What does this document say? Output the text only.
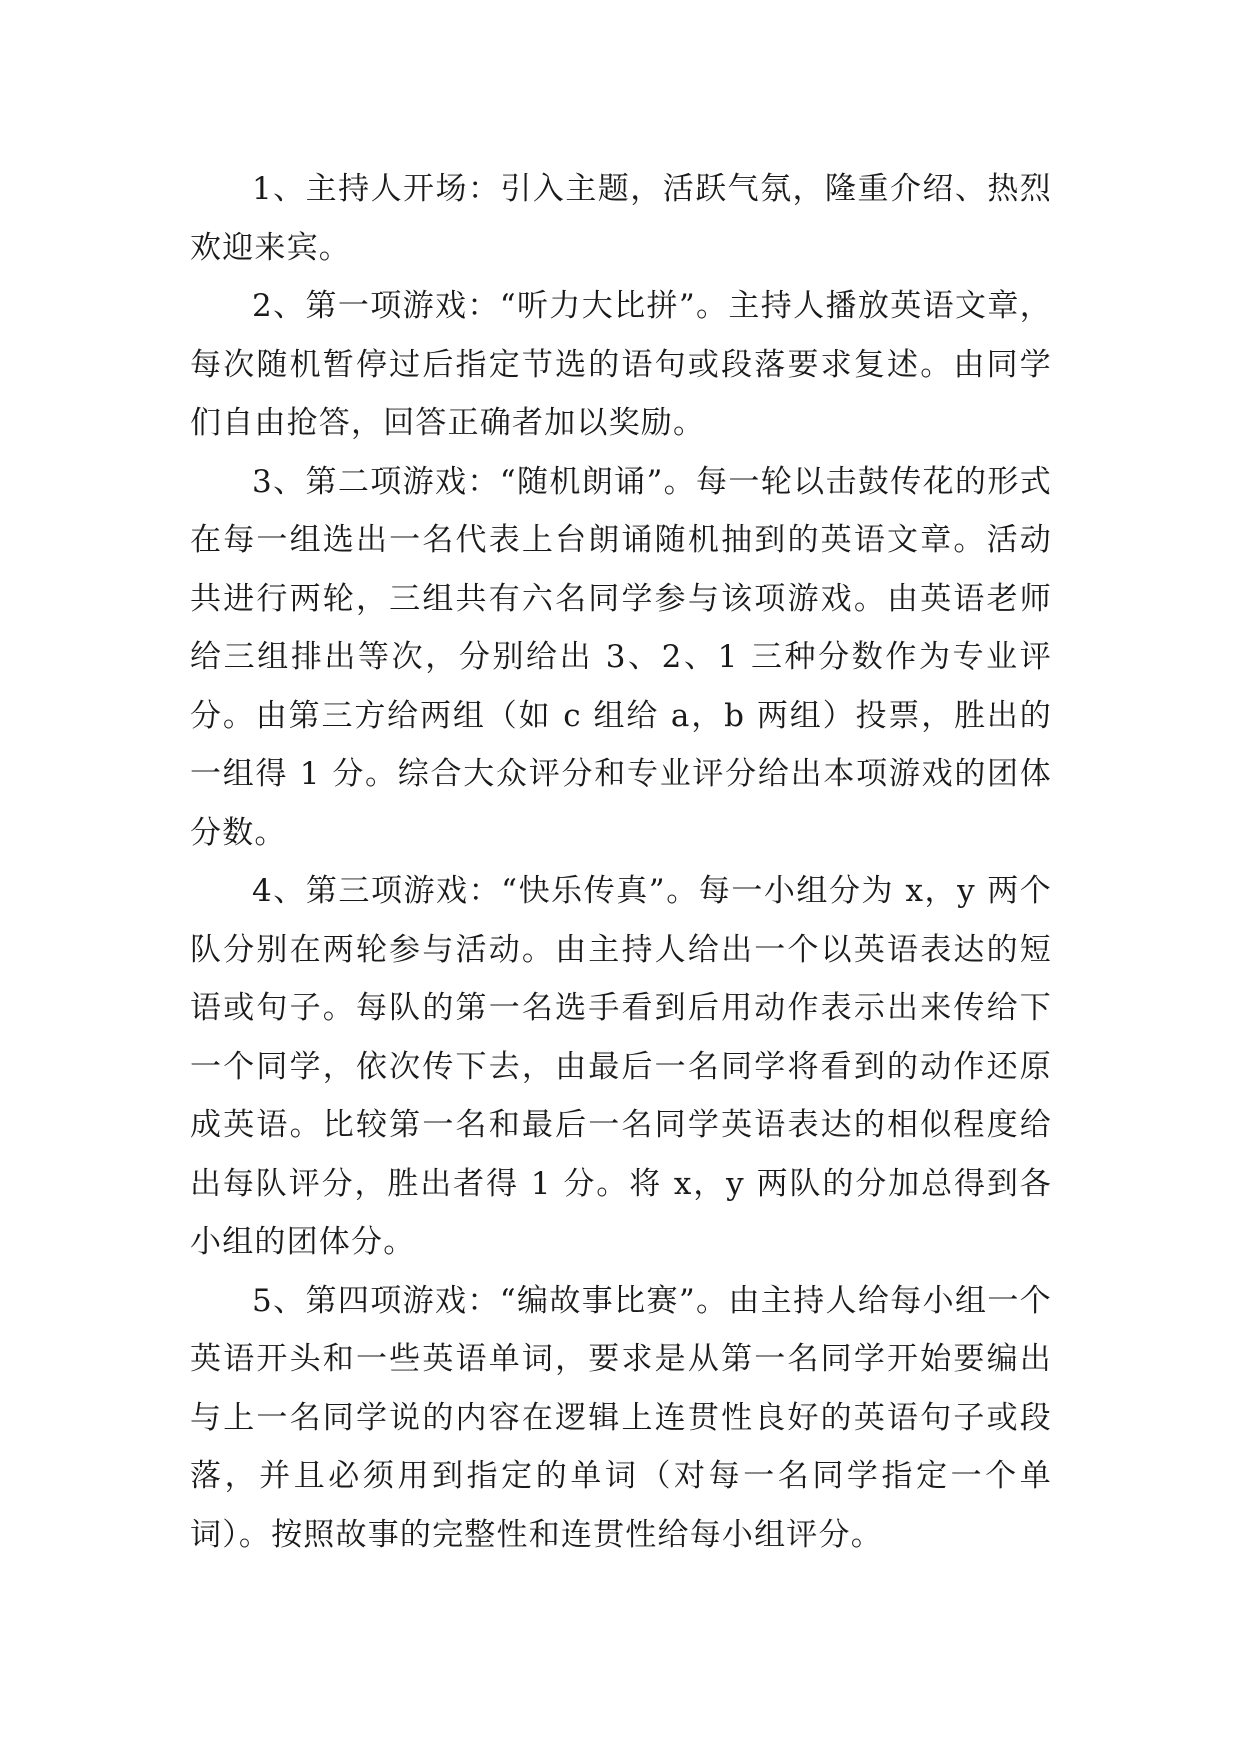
1、主持人开场：引入主题，活跃气氛，隆重介绍、热烈欢迎来宾。

2、第一项游戏：“听力大比拼”。主持人播放英语文章，每次随机暂停过后指定节选的语句或段落要求复述。由同学们自由抢答，回答正确者加以奖励。

3、第二项游戏：“随机朗诵”。每一轮以击鼓传花的形式在每一组选出一名代表上台朗诵随机抽到的英语文章。活动共进行两轮，三组共有六名同学参与该项游戏。由英语老师给三组排出等次，分别给出 3、2、1 三种分数作为专业评分。由第三方给两组（如 c 组给 a，b 两组）投票，胜出的一组得 1 分。综合大众评分和专业评分给出本项游戏的团体分数。

4、第三项游戏：“快乐传真”。每一小组分为 x，y 两个队分别在两轮参与活动。由主持人给出一个以英语表达的短语或句子。每队的第一名选手看到后用动作表示出来传给下一个同学，依次传下去，由最后一名同学将看到的动作还原成英语。比较第一名和最后一名同学英语表达的相似程度给出每队评分，胜出者得 1 分。将 x，y 两队的分加总得到各小组的团体分。

5、第四项游戏：“编故事比赛”。由主持人给每小组一个英语开头和一些英语单词，要求是从第一名同学开始要编出与上一名同学说的内容在逻辑上连贯性良好的英语句子或段落，并且必须用到指定的单词（对每一名同学指定一个单词）。按照故事的完整性和连贯性给每小组评分。
